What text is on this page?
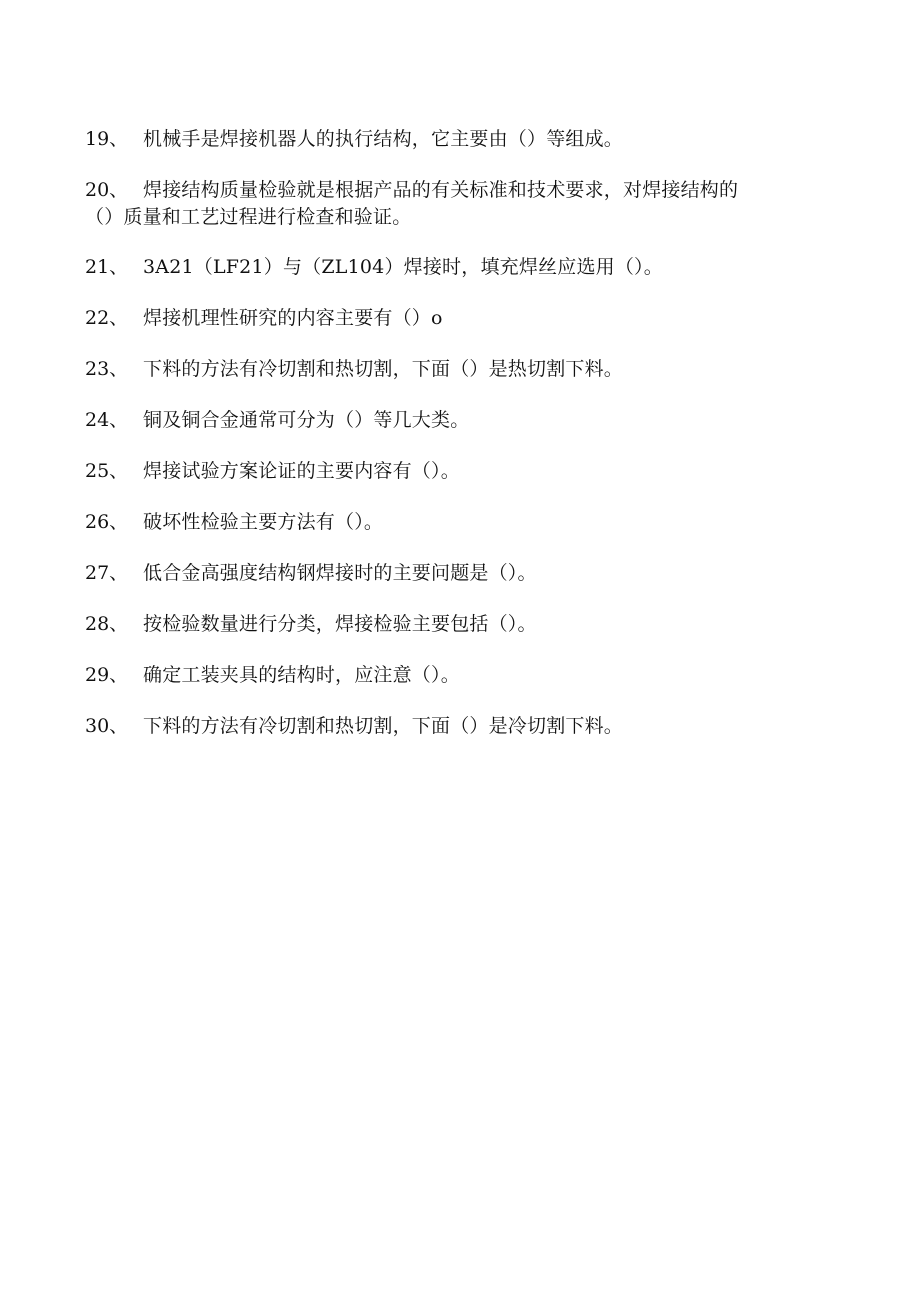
19、 机械手是焊接机器人的执行结构，它主要由（）等组成。
20、 焊接结构质量检验就是根据产品的有关标准和技术要求，对焊接结构的
（）质量和工艺过程进行检查和验证。
21、 3A21（LF21）与（ZL104）焊接时，填充焊丝应选用（）。
22、 焊接机理性研究的内容主要有（）o
23、 下料的方法有冷切割和热切割，下面（）是热切割下料。
24、 铜及铜合金通常可分为（）等几大类。
25、 焊接试验方案论证的主要内容有（）。
26、 破坏性检验主要方法有（）。
27、 低合金高强度结构钢焊接时的主要问题是（）。
28、 按检验数量进行分类，焊接检验主要包括（）。
29、 确定工装夹具的结构时，应注意（）。
30、 下料的方法有冷切割和热切割，下面（）是冷切割下料。
